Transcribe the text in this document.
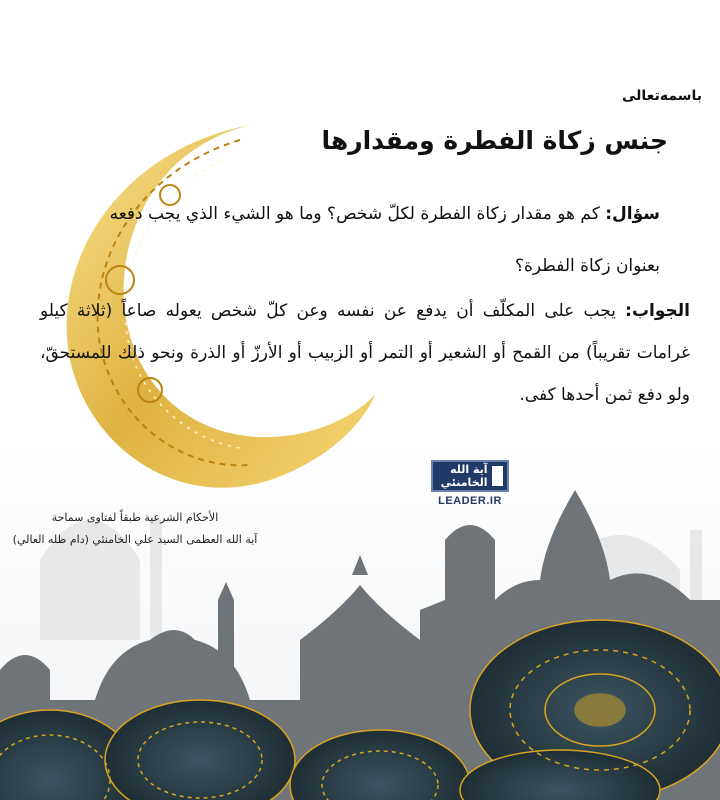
باسمه‌تعالی
جنس زكاة الفطرة ومقدارها
سؤال: كم هو مقدار زكاة الفطرة لكلّ شخص؟ وما هو الشيء الذي يجب دفعه بعنوان زكاة الفطرة؟
الجواب: يجب على المكلّف أن يدفع عن نفسه وعن كلّ شخص يعوله صاعاً (ثلاثة كيلو غرامات تقريباً) من القمح أو الشعير أو التمر أو الزبيب أو الأرزّ أو الذرة ونحو ذلك للمستحقّ، ولو دفع ثمن أحدها كفى.
آية الله الخامنئي
LEADER.IR
الأحكام الشرعية طبقاً لفتاوى سماحة
آية الله العظمى السيد علي الخامنئي (دام ظله العالي)
